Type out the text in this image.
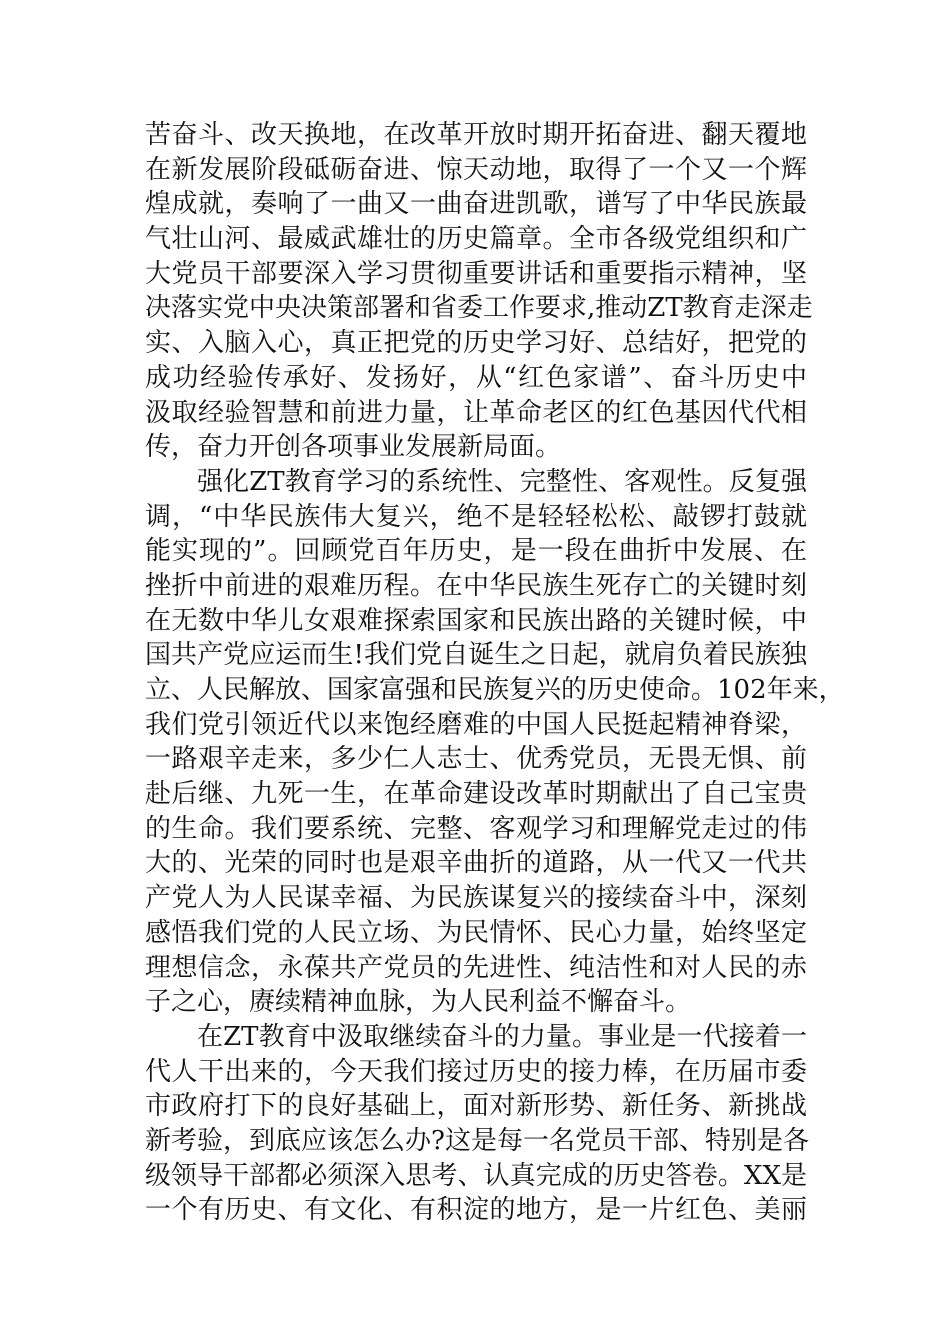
苦奋斗、改天换地，在改革开放时期开拓奋进、翻天覆地
在新发展阶段砥砺奋进、惊天动地，取得了一个又一个辉
煌成就，奏响了一曲又一曲奋进凯歌，谱写了中华民族最
气壮山河、最威武雄壮的历史篇章。全市各级党组织和广
大党员干部要深入学习贯彻重要讲话和重要指示精神，坚
决落实党中央决策部署和省委工作要求,推动ZT教育走深走
实、入脑入心，真正把党的历史学习好、总结好，把党的
成功经验传承好、发扬好，从“红色家谱”、奋斗历史中
汲取经验智慧和前进力量，让革命老区的红色基因代代相
传，奋力开创各项事业发展新局面。
强化ZT教育学习的系统性、完整性、客观性。反复强
调，“中华民族伟大复兴，绝不是轻轻松松、敲锣打鼓就
能实现的”。回顾党百年历史，是一段在曲折中发展、在
挫折中前进的艰难历程。在中华民族生死存亡的关键时刻
在无数中华儿女艰难探索国家和民族出路的关键时候，中
国共产党应运而生!我们党自诞生之日起，就肩负着民族独
立、人民解放、国家富强和民族复兴的历史使命。102年来，
我们党引领近代以来饱经磨难的中国人民挺起精神脊梁，
一路艰辛走来，多少仁人志士、优秀党员，无畏无惧、前
赴后继、九死一生，在革命建设改革时期献出了自己宝贵
的生命。我们要系统、完整、客观学习和理解党走过的伟
大的、光荣的同时也是艰辛曲折的道路，从一代又一代共
产党人为人民谋幸福、为民族谋复兴的接续奋斗中，深刻
感悟我们党的人民立场、为民情怀、民心力量，始终坚定
理想信念，永葆共产党员的先进性、纯洁性和对人民的赤
子之心，赓续精神血脉，为人民利益不懈奋斗。
在ZT教育中汲取继续奋斗的力量。事业是一代接着一
代人干出来的，今天我们接过历史的接力棒，在历届市委
市政府打下的良好基础上，面对新形势、新任务、新挑战
新考验，到底应该怎么办?这是每一名党员干部、特别是各
级领导干部都必须深入思考、认真完成的历史答卷。XX是
一个有历史、有文化、有积淀的地方，是一片红色、美丽
